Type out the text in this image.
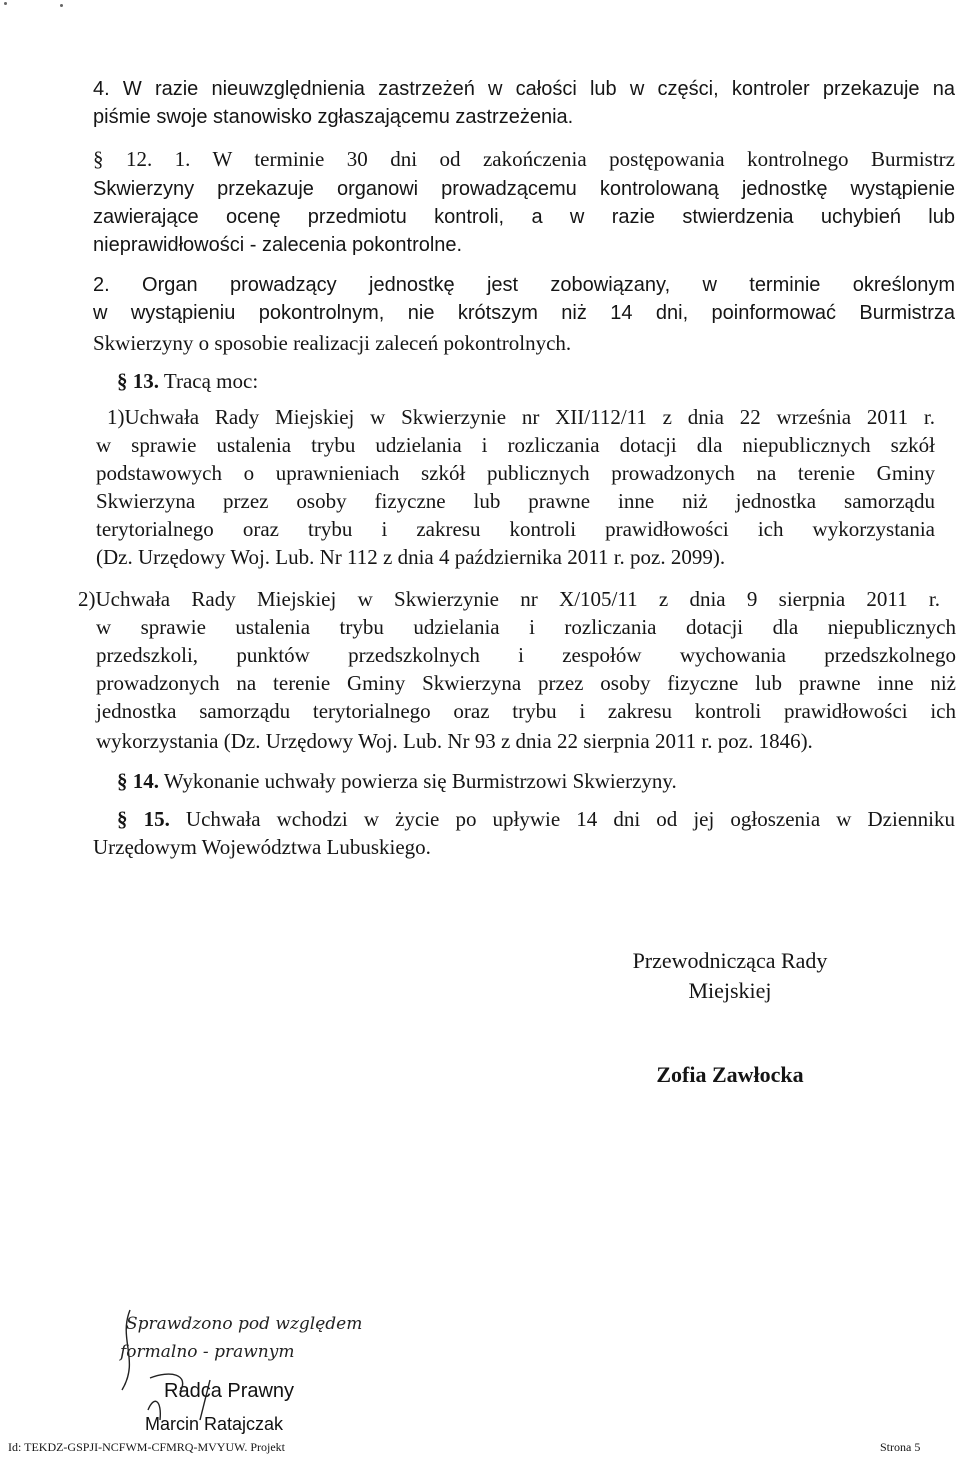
4. W razie nieuwzględnienia zastrzeżeń w całości lub w części, kontroler przekazuje na
piśmie swoje stanowisko zgłaszającemu zastrzeżenia.
§ 12. 1. W terminie 30 dni od zakończenia postępowania kontrolnego Burmistrz
Skwierzyny przekazuje organowi prowadzącemu kontrolowaną jednostkę wystąpienie
zawierające ocenę przedmiotu kontroli, a w razie stwierdzenia uchybień lub
nieprawidłowości - zalecenia pokontrolne.
2. Organ prowadzący jednostkę jest zobowiązany, w terminie określonym
w wystąpieniu pokontrolnym, nie krótszym niż 14 dni, poinformować Burmistrza
Skwierzyny o sposobie realizacji zaleceń pokontrolnych.
§ 13. Tracą moc:
1)Uchwała Rady Miejskiej w Skwierzynie nr XII/112/11 z dnia 22 września 2011 r.
w sprawie ustalenia trybu udzielania i rozliczania dotacji dla niepublicznych szkół
podstawowych o uprawnieniach szkół publicznych prowadzonych na terenie Gminy
Skwierzyna przez osoby fizyczne lub prawne inne niż jednostka samorządu
terytorialnego oraz trybu i zakresu kontroli prawidłowości ich wykorzystania
(Dz. Urzędowy Woj. Lub. Nr 112 z dnia 4 października 2011 r. poz. 2099).
2)Uchwała Rady Miejskiej w Skwierzynie nr X/105/11 z dnia 9 sierpnia 2011 r.
w sprawie ustalenia trybu udzielania i rozliczania dotacji dla niepublicznych
przedszkoli, punktów przedszkolnych i zespołów wychowania przedszkolnego
prowadzonych na terenie Gminy Skwierzyna przez osoby fizyczne lub prawne inne niż
jednostka samorządu terytorialnego oraz trybu i zakresu kontroli prawidłowości ich
wykorzystania (Dz. Urzędowy Woj. Lub. Nr 93 z dnia 22 sierpnia 2011 r. poz. 1846).
§ 14. Wykonanie uchwały powierza się Burmistrzowi Skwierzyny.
§ 15. Uchwała wchodzi w życie po upływie 14 dni od jej ogłoszenia w Dzienniku
Urzędowym Województwa Lubuskiego.
Przewodnicząca Rady
Miejskiej
Zofia Zawłocka
Sprawdzono pod względem
formalno - prawnym
Radca Prawny
Marcin Ratajczak
Id: TEKDZ-GSPJI-NCFWM-CFMRQ-MVYUW. Projekt	Strona 5
